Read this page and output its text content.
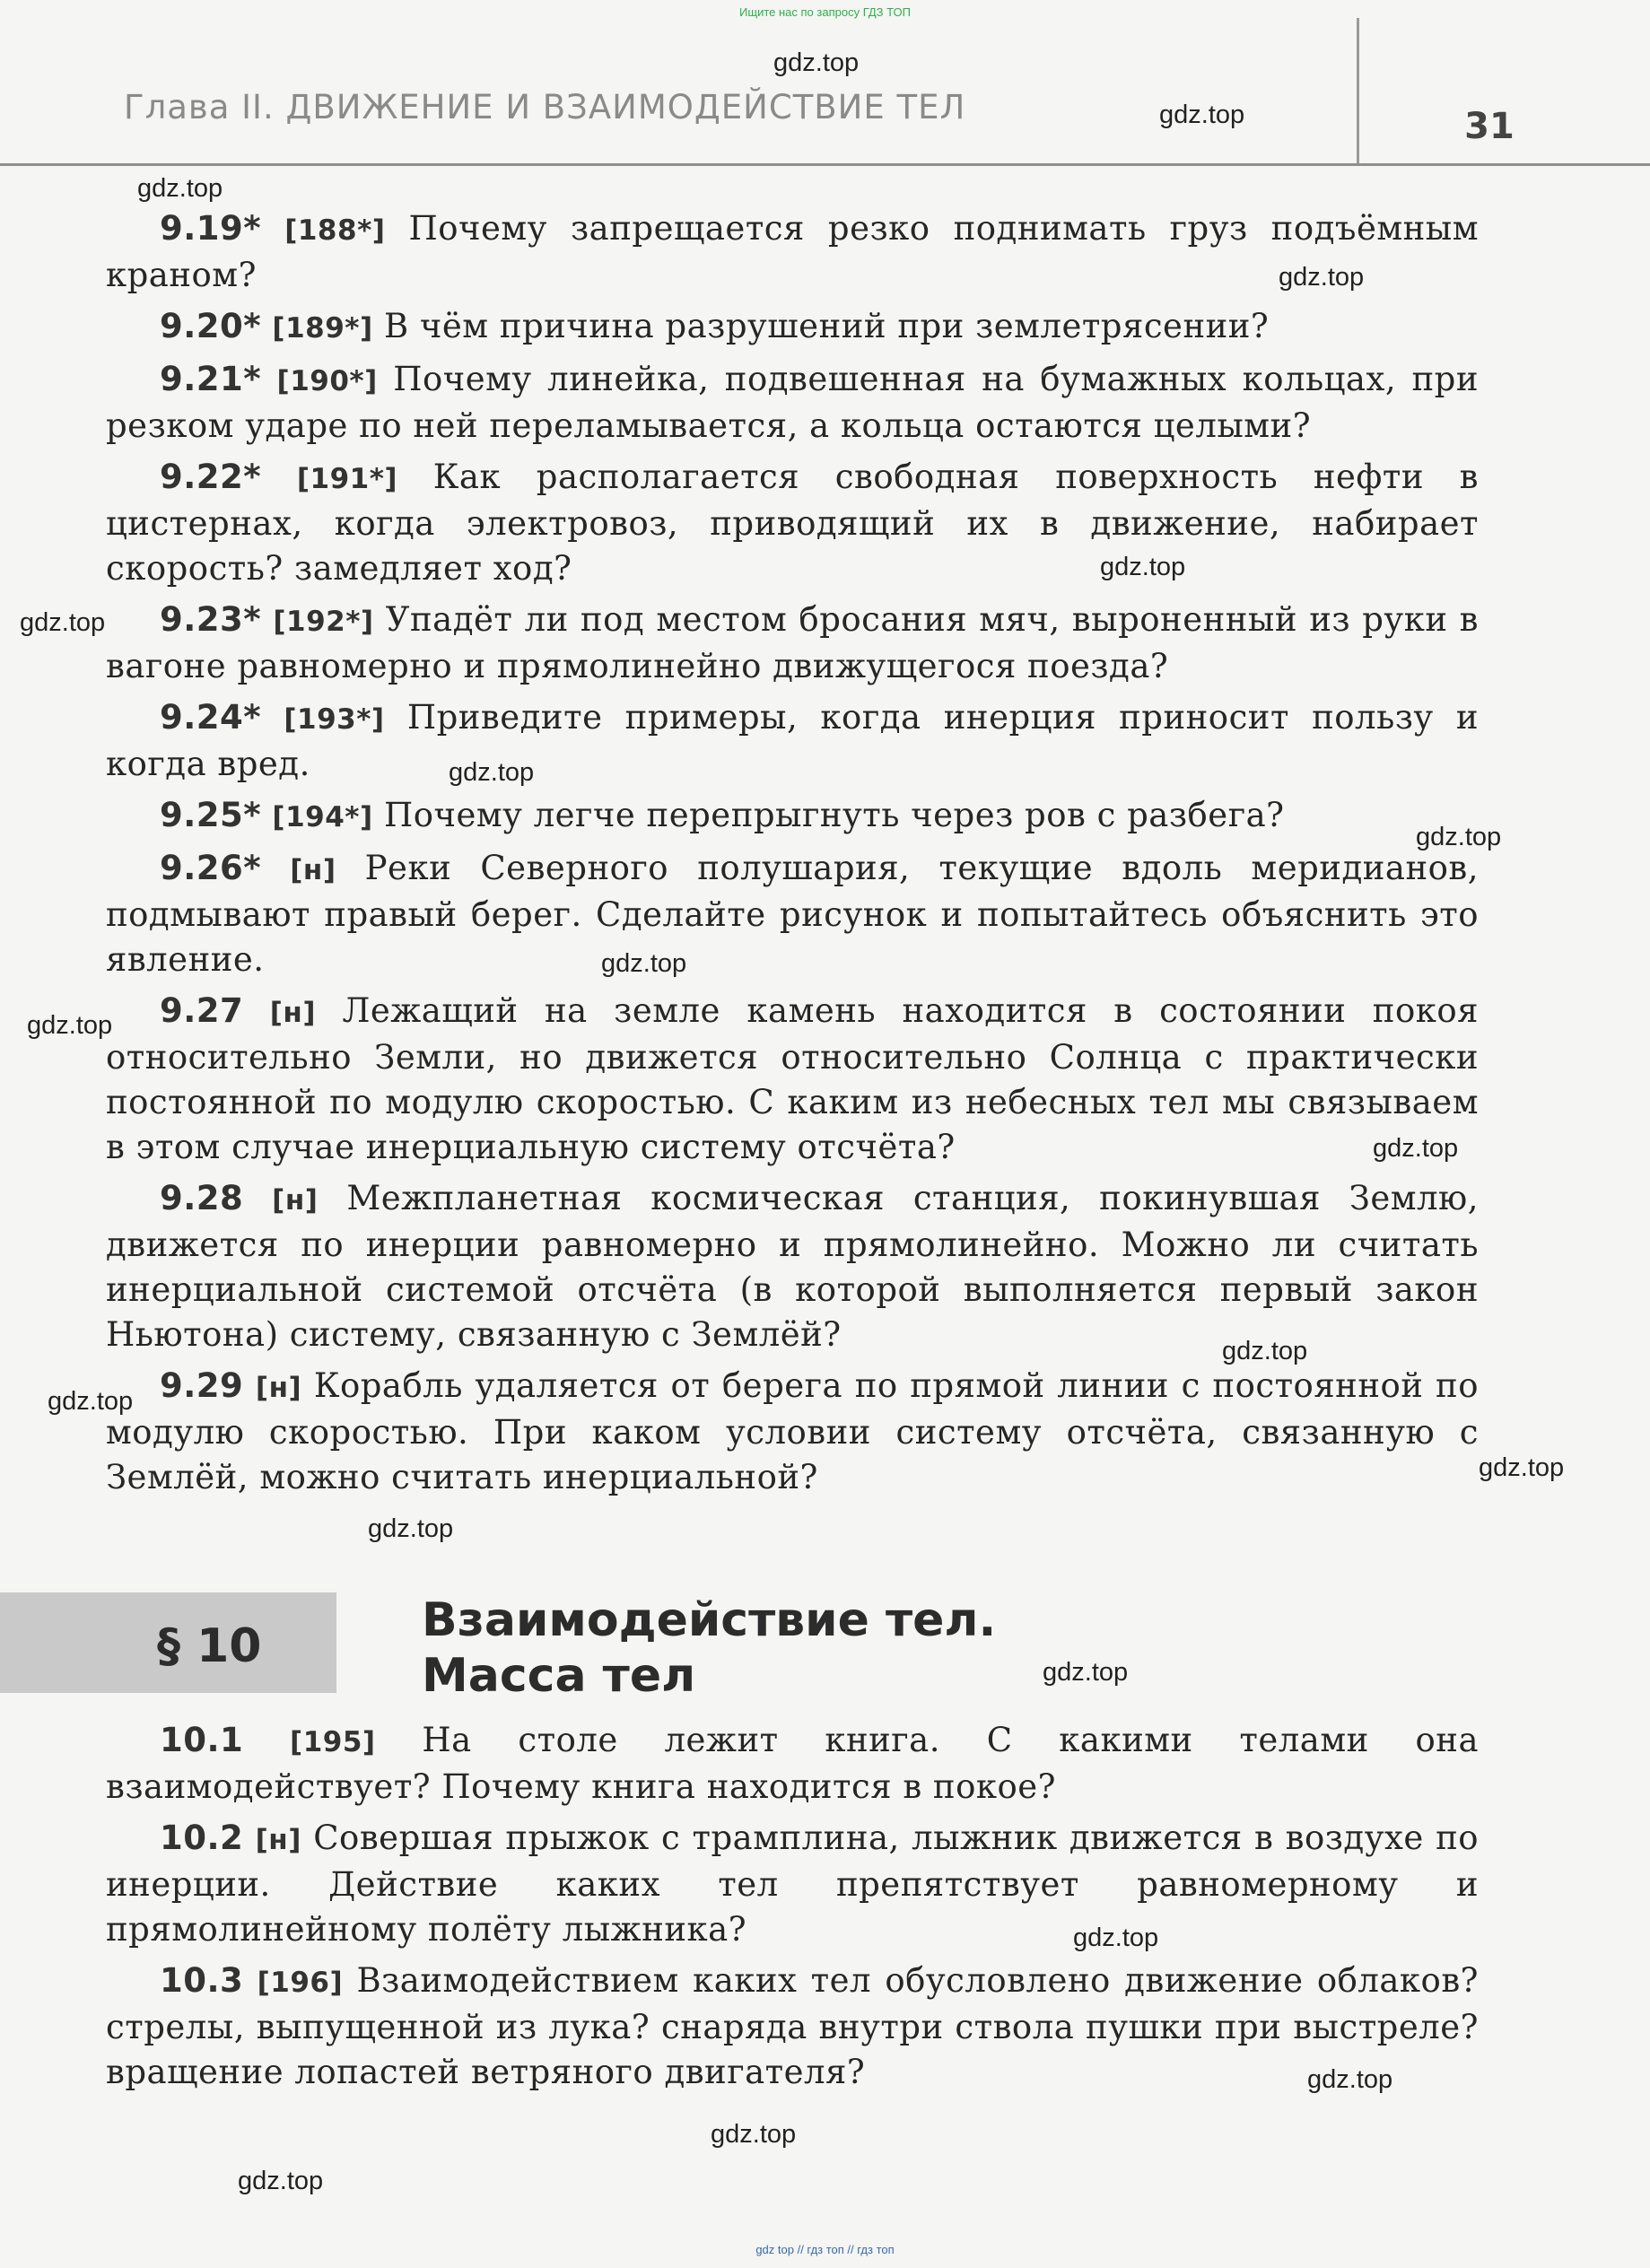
Ищите нас по запросу ГДЗ ТОП
Глава II. ДВИЖЕНИЕ И ВЗАИМОДЕЙСТВИЕ ТЕЛ	31

9.19* [188*] Почему запрещается резко поднимать груз подъёмным краном?

9.20* [189*] В чём причина разрушений при землетрясении?

9.21* [190*] Почему линейка, подвешенная на бумажных кольцах, при резком ударе по ней переламывается, а кольца остаются целыми?

9.22* [191*] Как располагается свободная поверхность нефти в цистернах, когда электровоз, приводящий их в движение, набирает скорость? замедляет ход?

9.23* [192*] Упадёт ли под местом бросания мяч, выроненный из руки в вагоне равномерно и прямолинейно движущегося поезда?

9.24* [193*] Приведите примеры, когда инерция приносит пользу и когда вред.

9.25* [194*] Почему легче перепрыгнуть через ров с разбега?

9.26* [н] Реки Северного полушария, текущие вдоль меридианов, подмывают правый берег. Сделайте рисунок и попытайтесь объяснить это явление.

9.27 [н] Лежащий на земле камень находится в состоянии покоя относительно Земли, но движется относительно Солнца с практически постоянной по модулю скоростью. С каким из небесных тел мы связываем в этом случае инерциальную систему отсчёта?

9.28 [н] Межпланетная космическая станция, покинувшая Землю, движется по инерции равномерно и прямолинейно. Можно ли считать инерциальной системой отсчёта (в которой выполняется первый закон Ньютона) систему, связанную с Землёй?

9.29 [н] Корабль удаляется от берега по прямой линии с постоянной по модулю скоростью. При каком условии систему отсчёта, связанную с Землёй, можно считать инерциальной?

§ 10	Взаимодействие тел.
Масса тел

10.1 [195] На столе лежит книга. С какими телами она взаимодействует? Почему книга находится в покое?

10.2 [н] Совершая прыжок с трамплина, лыжник движется в воздухе по инерции. Действие каких тел препятствует равномерному и прямолинейному полёту лыжника?

10.3 [196] Взаимодействием каких тел обусловлено движение облаков? стрелы, выпущенной из лука? снаряда внутри ствола пушки при выстреле? вращение лопастей ветряного двигателя?

gdz.top
gdz.top
gdz.top
gdz.top
gdz.top
gdz.top
gdz.top
gdz.top
gdz.top
gdz.top
gdz.top
gdz.top
gdz.top
gdz.top
gdz.top
gdz.top
gdz.top
gdz.top
gdz.top
gdz.top
gdz top // гдз топ // гдз топ
